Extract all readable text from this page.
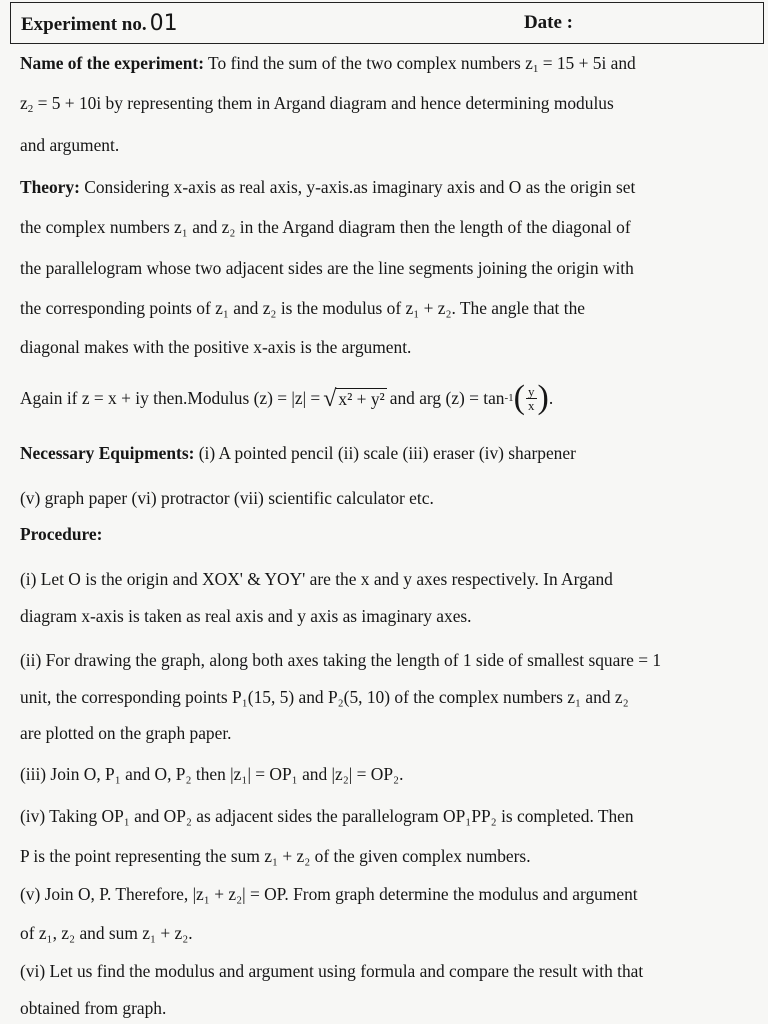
Experiment no. 01	Date :
Name of the experiment: To find the sum of the two complex numbers $z_1 = 15 + 5i$ and
$z_2 = 5 + 10i$ by representing them in Argand diagram and hence determining modulus
and argument.
Theory: Considering x-axis as real axis, y-axis.as imaginary axis and O as the origin set
the complex numbers z₁ and z₂ in the Argand diagram then the length of the diagonal of
the parallelogram whose two adjacent sides are the line segments joining the origin with
the corresponding points of z₁ and z₂ is the modulus of z₁ + z₂. The angle that the
diagonal makes with the positive x-axis is the argument.
Again if z = x + iy then.Modulus (z) = |z| = √ x² + y² and arg (z) = tan -1 ( $\frac{y}{x}$ ) .
Necessary Equipments: (i) A pointed pencil (ii) scale (iii) eraser (iv) sharpener
(v) graph paper (vi) protractor (vii) scientific calculator etc.
Procedure:
(i) Let O is the origin and XOX' & YOY' are the x and y axes respectively. In Argand
diagram x-axis is taken as real axis and y axis as imaginary axes.
(ii) For drawing the graph, along both axes taking the length of 1 side of smallest square = 1
unit, the corresponding points P₁(15, 5) and P₂(5, 10) of the complex numbers z₁ and z₂
are plotted on the graph paper.
(iii) Join O, P₁ and O, P₂ then |z₁| = OP₁ and |z₂| = OP₂.
(iv) Taking OP₁ and OP₂ as adjacent sides the parallelogram OP₁PP₂ is completed. Then
P is the point representing the sum z₁ + z₂ of the given complex numbers.
(v) Join O, P. Therefore, |z₁ + z₂| = OP. From graph determine the modulus and argument
of z₁, z₂ and sum z₁ + z₂.
(vi) Let us find the modulus and argument using formula and compare the result with that
obtained from graph.
